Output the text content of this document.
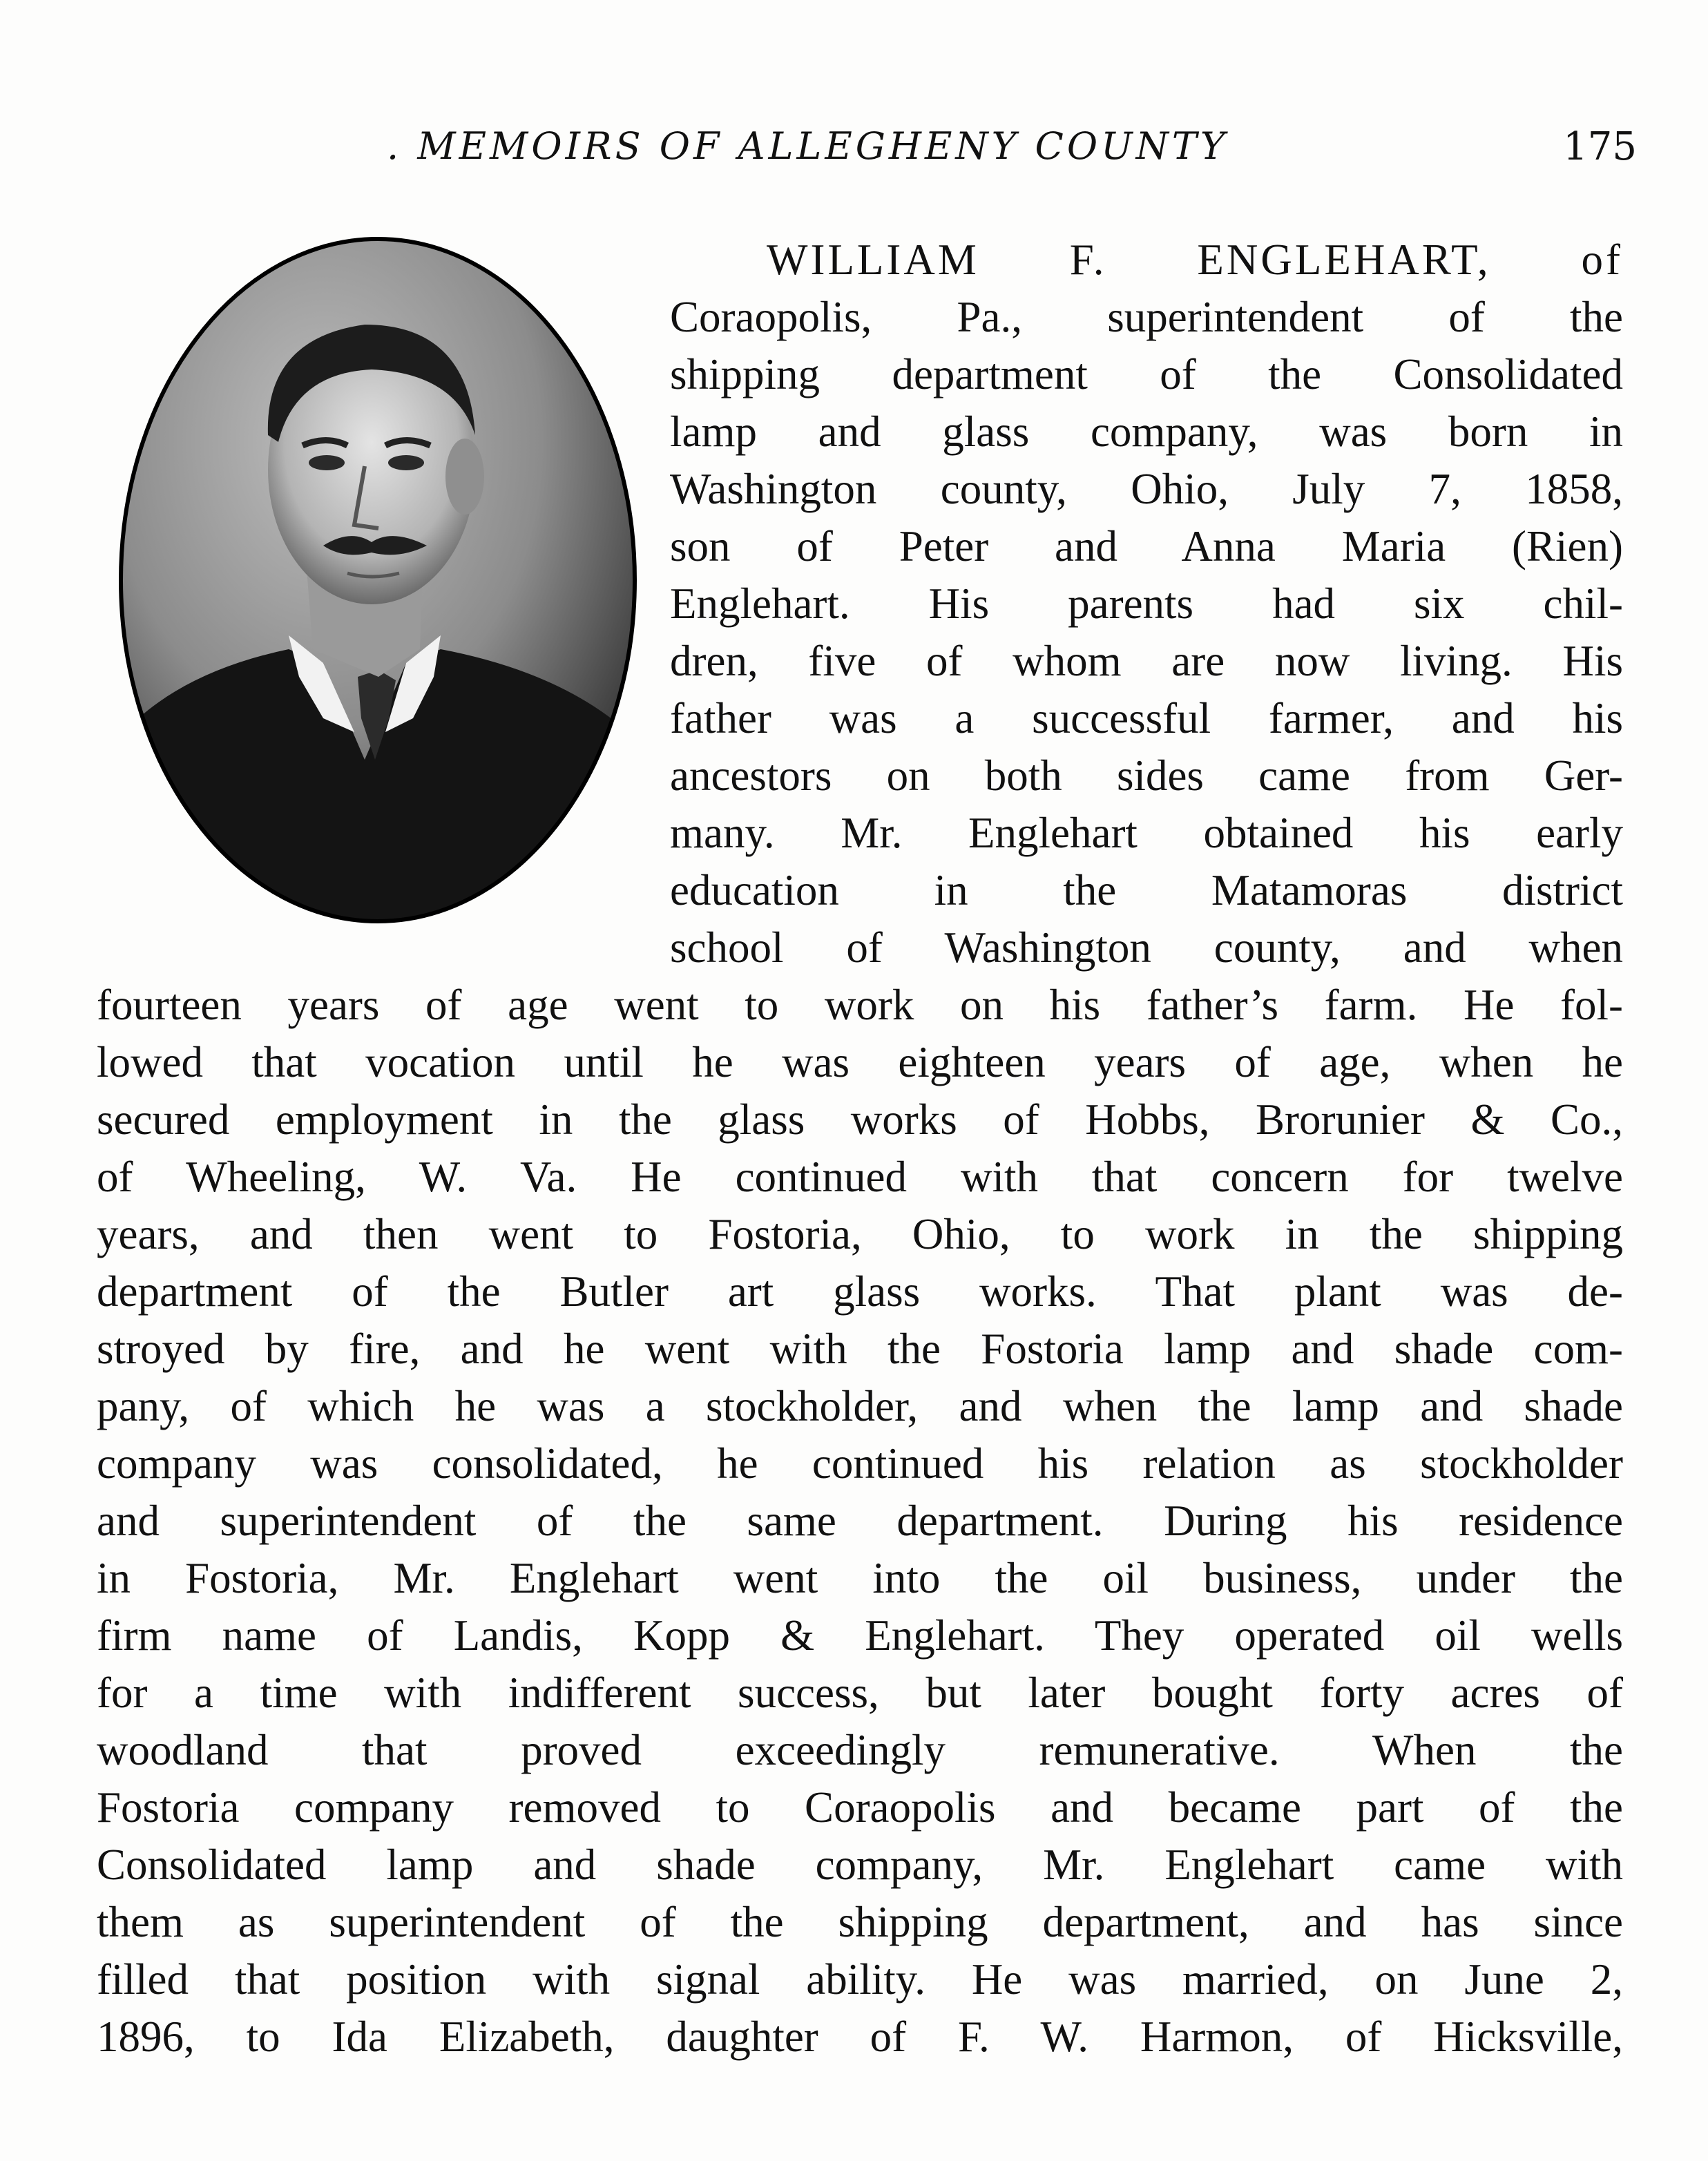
. MEMOIRS OF ALLEGHENY COUNTY	175
WILLIAM F. ENGLEHART, of
Coraopolis, Pa., superintendent of the
shipping department of the Consolidated
lamp and glass company, was born in
Washington county, Ohio, July 7, 1858,
son of Peter and Anna Maria (Rien)
Englehart. His parents had six chil-
dren, five of whom are now living. His
father was a successful farmer, and his
ancestors on both sides came from Ger-
many. Mr. Englehart obtained his early
education in the Matamoras district
school of Washington county, and when
fourteen years of age went to work on his father’s farm. He fol-
lowed that vocation until he was eighteen years of age, when he
secured employment in the glass works of Hobbs, Brorunier & Co.,
of Wheeling, W. Va. He continued with that concern for twelve
years, and then went to Fostoria, Ohio, to work in the shipping
department of the Butler art glass works. That plant was de-
stroyed by fire, and he went with the Fostoria lamp and shade com-
pany, of which he was a stockholder, and when the lamp and shade
company was consolidated, he continued his relation as stockholder
and superintendent of the same department. During his residence
in Fostoria, Mr. Englehart went into the oil business, under the
firm name of Landis, Kopp & Englehart. They operated oil wells
for a time with indifferent success, but later bought forty acres of
woodland that proved exceedingly remunerative. When the
Fostoria company removed to Coraopolis and became part of the
Consolidated lamp and shade company, Mr. Englehart came with
them as superintendent of the shipping department, and has since
filled that position with signal ability. He was married, on June 2,
1896, to Ida Elizabeth, daughter of F. W. Harmon, of Hicksville,
